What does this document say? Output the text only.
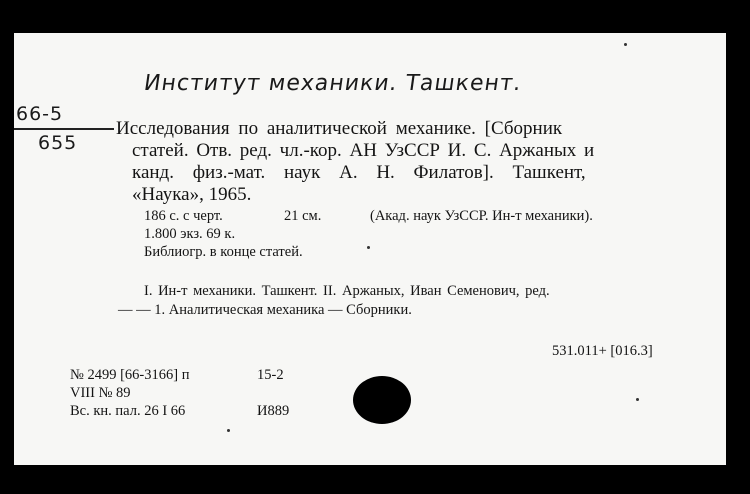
Институт механики. Ташкент.
66-5
655
Исследования по аналитической механике. [Сборник
статей. Отв. ред. чл.-кор. АН УзССР И. С. Аржаных и
канд. физ.-мат. наук А. Н. Филатов]. Ташкент,
«Наука», 1965.
186 с. с черт.	21 см.	(Акад. наук УзССР. Ин-т механики).
1.800 экз. 69 к.
Библиогр. в конце статей.
I. Ин-т механики. Ташкент. II. Аржаных, Иван Семенович, ред.
— — 1. Аналитическая механика — Сборники.
531.011+ [016.3]
№ 2499 [66-3166] п	15-2
VIII № 89
Вс. кн. пал. 26 I 66	И889
